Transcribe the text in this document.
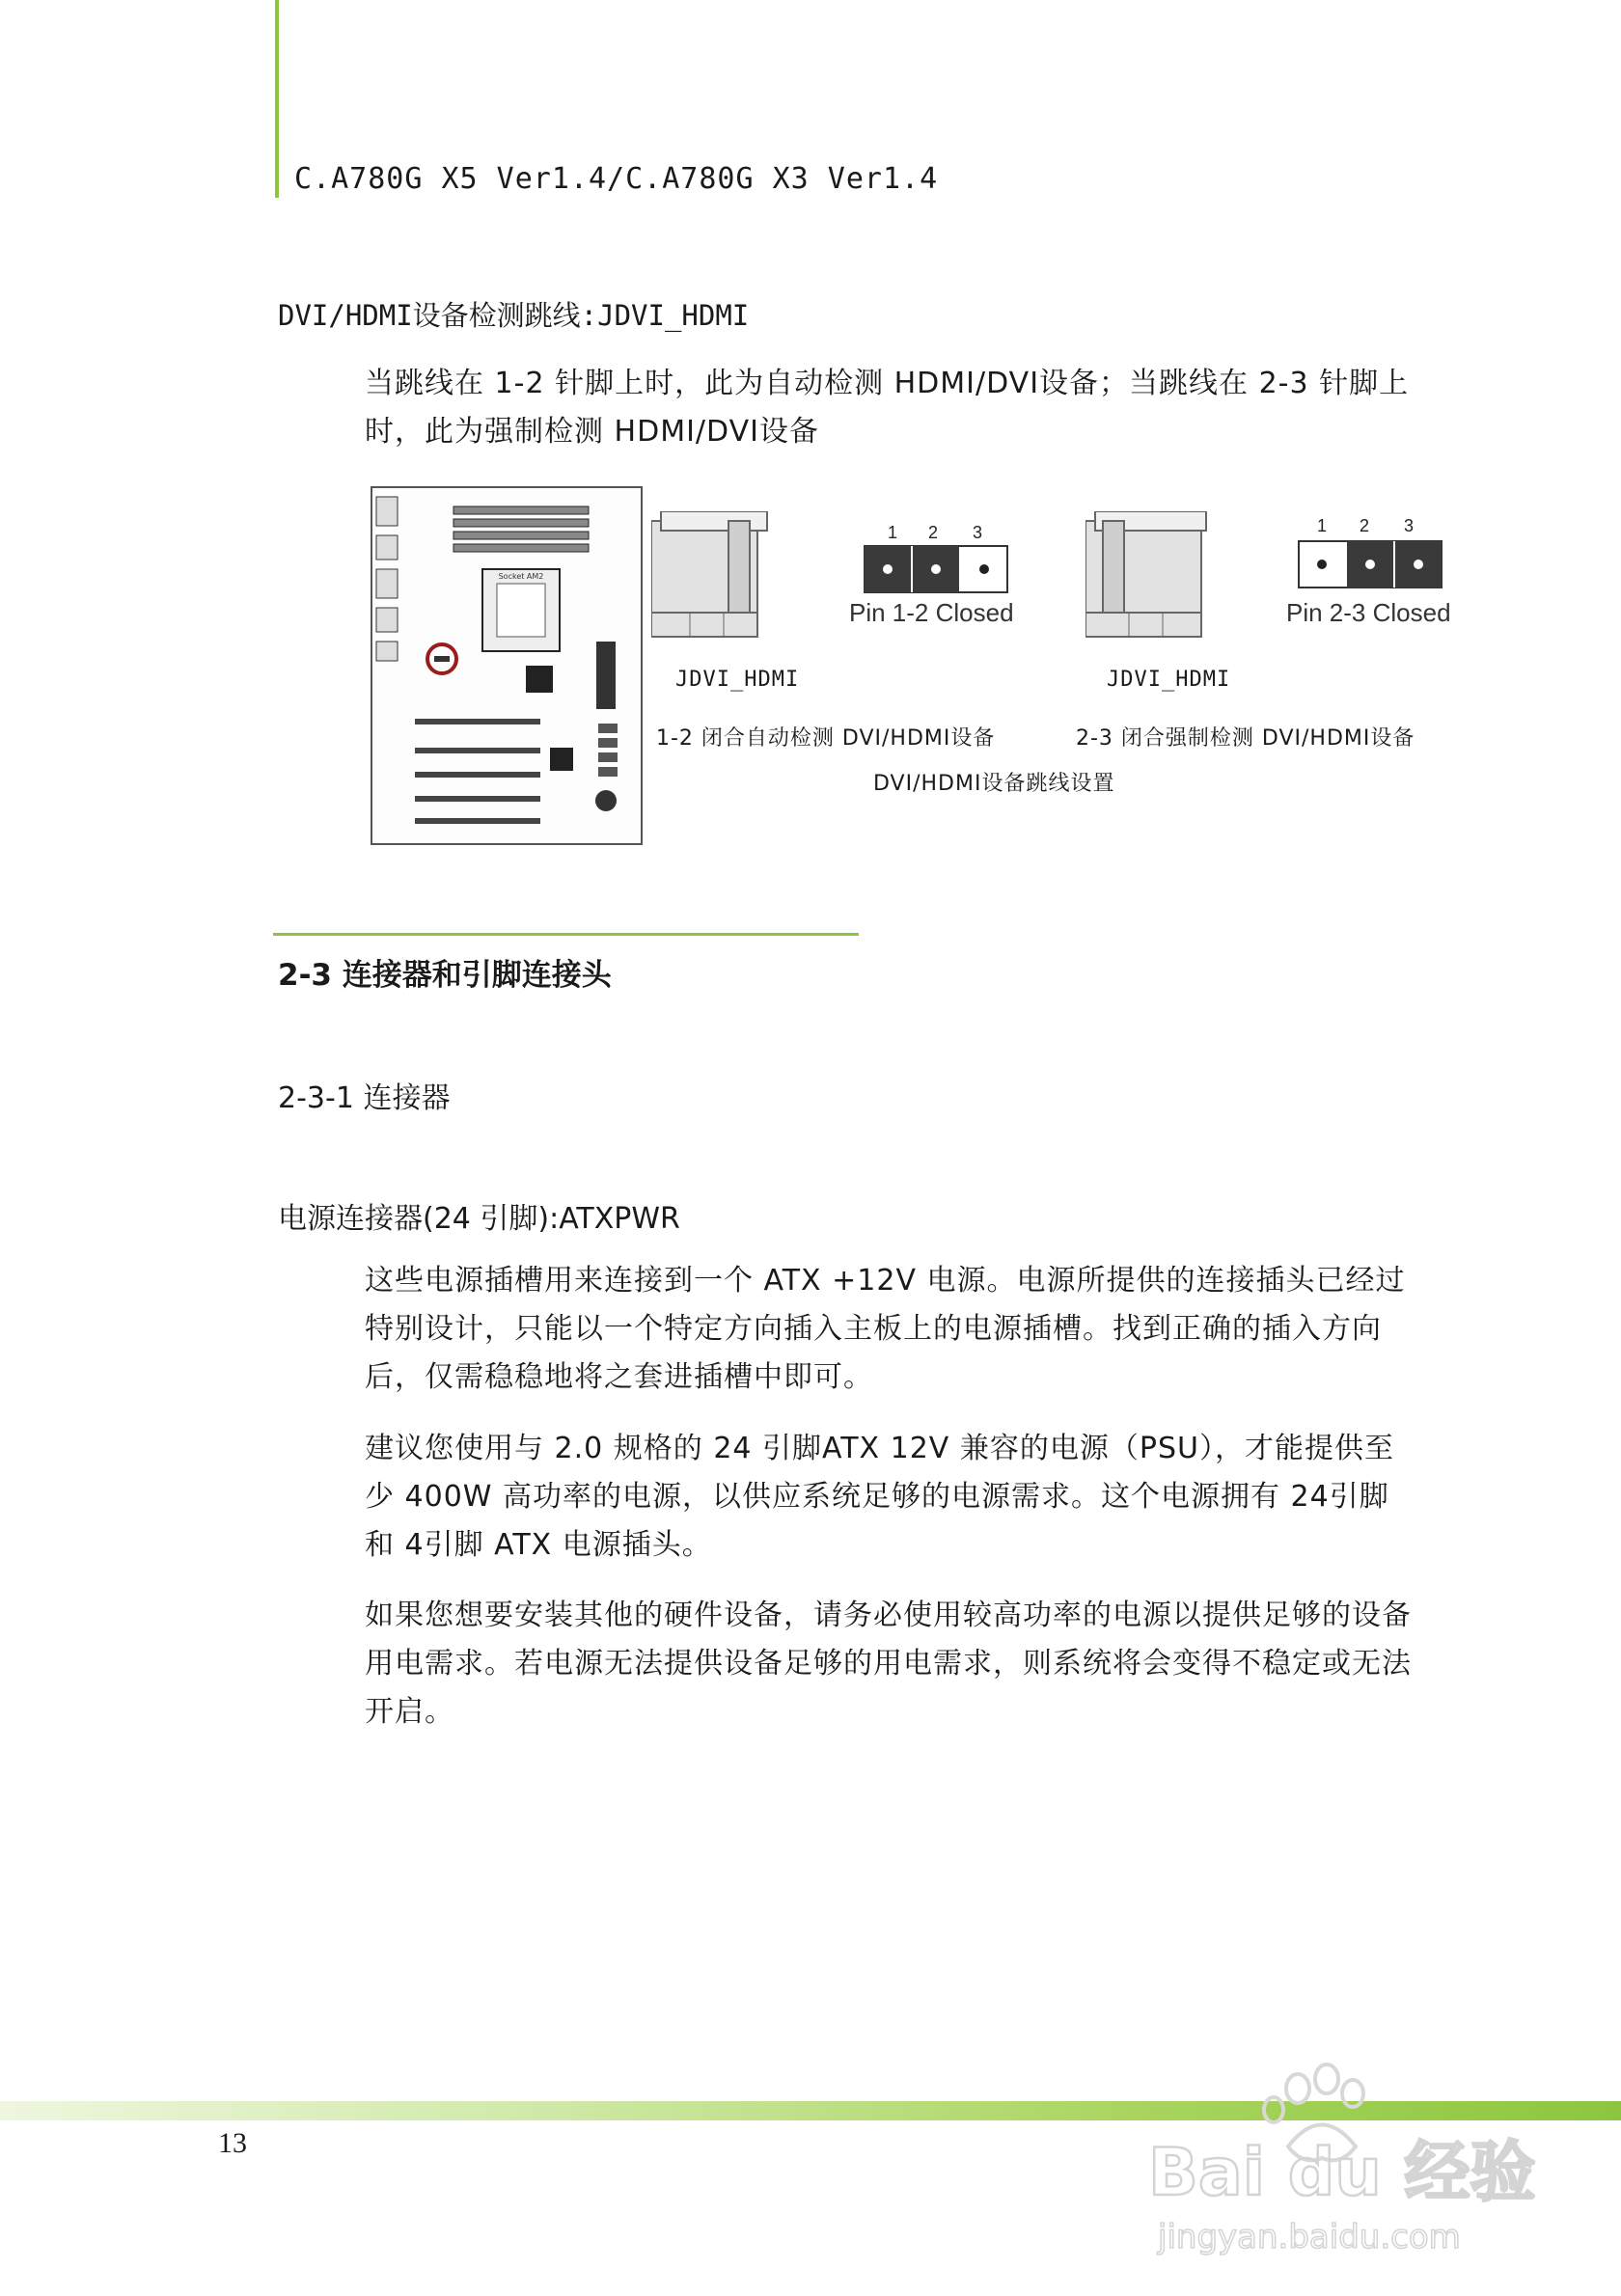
C.A780G X5 Ver1.4/C.A780G X3 Ver1.4
DVI/HDMI设备检测跳线:JDVI_HDMI
当跳线在 1-2 针脚上时，此为自动检测 HDMI/DVI设备；当跳线在 2-3 针脚上时，此为强制检测 HDMI/DVI设备
Socket AM2
1 2 3
Pin 1-2 Closed
1 2 3
Pin 2-3 Closed
JDVI_HDMI	JDVI_HDMI
1-2 闭合自动检测 DVI/HDMI设备	2-3 闭合强制检测 DVI/HDMI设备
DVI/HDMI设备跳线设置
2-3 连接器和引脚连接头
2-3-1 连接器
电源连接器(24 引脚):ATXPWR
这些电源插槽用来连接到一个 ATX +12V 电源。电源所提供的连接插头已经过特别设计，只能以一个特定方向插入主板上的电源插槽。找到正确的插入方向后，仅需稳稳地将之套进插槽中即可。
建议您使用与 2.0 规格的 24 引脚ATX 12V 兼容的电源（PSU），才能提供至少 400W 高功率的电源，以供应系统足够的电源需求。这个电源拥有 24引脚 和 4引脚 ATX 电源插头。
如果您想要安装其他的硬件设备，请务必使用较高功率的电源以提供足够的设备用电需求。若电源无法提供设备足够的用电需求，则系统将会变得不稳定或无法开启。
13	Bai du 经验
jingyan.baidu.com
